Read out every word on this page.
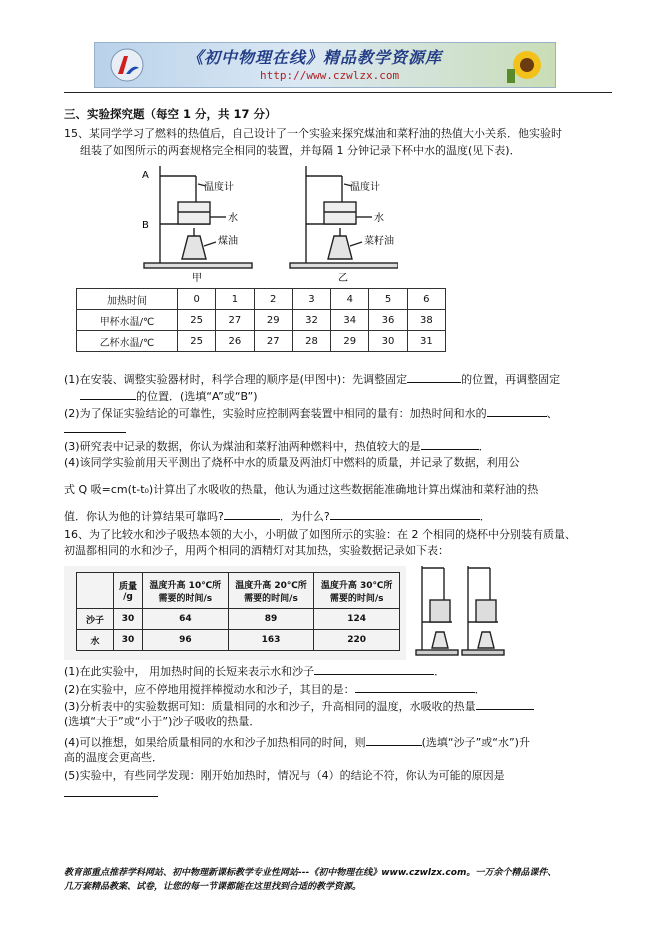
《初中物理在线》精品教学资源库
http://www.czwlzx.com
三、实验探究题（每空 1 分，共 17 分）
15、某同学学习了燃料的热值后，自己设计了一个实验来探究煤油和菜籽油的热值大小关系．他实验时
组装了如图所示的两套规格完全相同的装置，并每隔 1 分钟记录下杯中水的温度(见下表)．
A
B
温度计
水
煤油
甲
温度计
水
菜籽油
乙
加热时间	0	1	2	3	4	5	6
甲杯水温/℃	25	27	29	32	34	36	38
乙杯水温/℃	25	26	27	28	29	30	31
(1)在安装、调整实验器材时，科学合理的顺序是(甲图中)：先调整固定	的位置，再调整固定
的位置．(选填“A”或“B”)
(2)为了保证实验结论的可靠性，实验时应控制两套装置中相同的量有：加热时间和水的	、
(3)研究表中记录的数据，你认为煤油和菜籽油两种燃料中，热值较大的是	．
(4)该同学实验前用天平测出了烧杯中水的质量及两油灯中燃料的质量，并记录了数据，利用公
式 Q 吸=cm(t-t₀)计算出了水吸收的热量，他认为通过这些数据能准确地计算出煤油和菜籽油的热
值．你认为他的计算结果可靠吗?	．为什么?	．
16、为了比较水和沙子吸热本领的大小，小明做了如图所示的实验：在 2 个相同的烧杯中分别装有质量、
初温都相同的水和沙子，用两个相同的酒精灯对其加热，实验数据记录如下表：
	质量
/g	温度升高 10℃所
需要的时间/s	温度升高 20℃所
需要的时间/s	温度升高 30℃所
需要的时间/s
沙子	30	64	89	124
水	30	96	163	220
(1)在此实验中， 用加热时间的长短来表示水和沙子	．
(2)在实验中，应不停地用搅拌棒搅动水和沙子，其目的是：	．
(3)分析表中的实验数据可知：质量相同的水和沙子，升高相同的温度，水吸收的热量
(选填“大于”或“小于”)沙子吸收的热量．
(4)可以推想，如果给质量相同的水和沙子加热相同的时间，则	(选填“沙子”或“水”)升
高的温度会更高些．
(5)实验中，有些同学发现：刚开始加热时，情况与（4）的结论不符，你认为可能的原因是
教育部重点推荐学科网站、初中物理新课标教学专业性网站---《初中物理在线》www.czwlzx.com。一万余个精品课件、
几万套精品教案、试卷，让您的每一节课都能在这里找到合适的教学资源。
